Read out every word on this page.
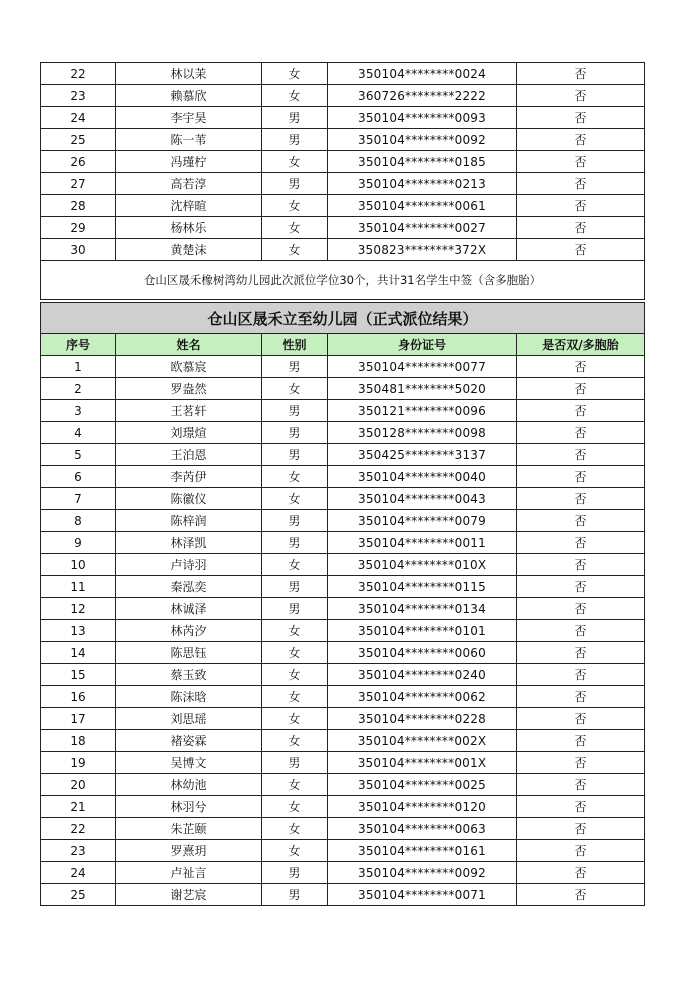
22	林以茉	女	350104********0024	否
23	赖慕欣	女	360726********2222	否
24	李宇昊	男	350104********0093	否
25	陈一苇	男	350104********0092	否
26	冯瑾柠	女	350104********0185	否
27	高若淳	男	350104********0213	否
28	沈梓暄	女	350104********0061	否
29	杨林乐	女	350104********0027	否
30	黄楚沫	女	350823********372X	否
仓山区晟禾橡树湾幼儿园此次派位学位30个，共计31名学生中签（含多胞胎）				
仓山区晟禾立至幼儿园（正式派位结果）				
序号	姓名	性别	身份证号	是否双/多胞胎
1	欧慕宸	男	350104********0077	否
2	罗盎然	女	350481********5020	否
3	王茗轩	男	350121********0096	否
4	刘璟煊	男	350128********0098	否
5	王泊恩	男	350425********3137	否
6	李芮伊	女	350104********0040	否
7	陈徽仪	女	350104********0043	否
8	陈梓润	男	350104********0079	否
9	林泽凯	男	350104********0011	否
10	卢诗羽	女	350104********010X	否
11	秦泓奕	男	350104********0115	否
12	林诚泽	男	350104********0134	否
13	林芮汐	女	350104********0101	否
14	陈思钰	女	350104********0060	否
15	蔡玉致	女	350104********0240	否
16	陈沫晗	女	350104********0062	否
17	刘思瑶	女	350104********0228	否
18	褚姿霖	女	350104********002X	否
19	吴博文	男	350104********001X	否
20	林幼池	女	350104********0025	否
21	林羽兮	女	350104********0120	否
22	朱芷颐	女	350104********0063	否
23	罗熹玥	女	350104********0161	否
24	卢祉言	男	350104********0092	否
25	谢艺宸	男	350104********0071	否
